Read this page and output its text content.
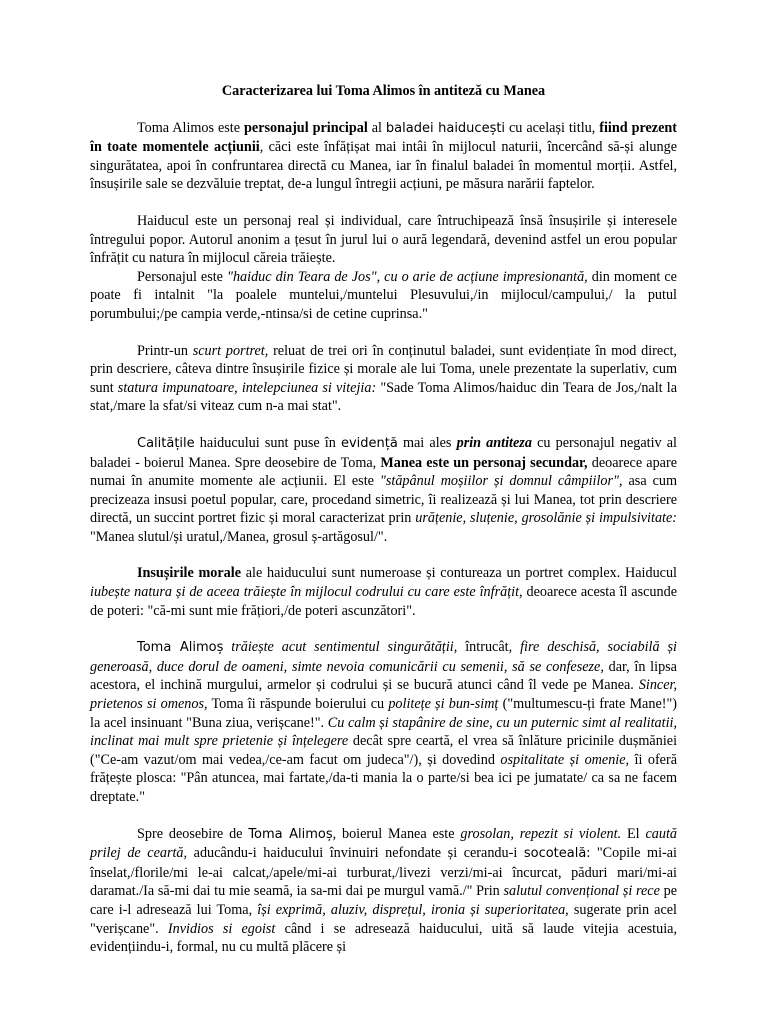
Caracterizarea lui Toma Alimos în antiteză cu Manea

Toma Alimos este personajul principal al baladei haiducești cu același titlu, fiind prezent în toate momentele acțiunii, căci este înfățișat mai intâi în mijlocul naturii, încercând să-și alunge singurătatea, apoi în confruntarea directă cu Manea, iar în finalul baladei în momentul morții. Astfel, însușirile sale se dezvăluie treptat, de-a lungul întregii acțiuni, pe măsura narării faptelor.

Haiducul este un personaj real și individual, care întruchipează însă însușirile și interesele întregului popor. Autorul anonim a țesut în jurul lui o aură legendară, devenind astfel un erou popular înfrățit cu natura în mijlocul căreia trăiește.

Personajul este "haiduc din Teara de Jos", cu o arie de acțiune impresionantă, din moment ce poate fi intalnit "la poalele muntelui,/muntelui Plesuvului,/in mijlocul/campului,/ la putul porumbului;/pe campia verde,-ntinsa/si de cetine cuprinsa."

Printr-un scurt portret, reluat de trei ori în conținutul baladei, sunt evidențiate în mod direct, prin descriere, câteva dintre însușirile fizice și morale ale lui Toma, unele prezentate la superlativ, cum sunt statura impunatoare, intelepciunea si vitejia: "Sade Toma Alimos/haiduc din Teara de Jos,/nalt la stat,/mare la sfat/si viteaz cum n-a mai stat".

Calitățile haiducului sunt puse în evidență mai ales prin antiteza cu personajul negativ al baladei - boierul Manea. Spre deosebire de Toma, Manea este un personaj secundar, deoarece apare numai în anumite momente ale acțiunii. El este "stăpânul moșiilor și domnul câmpiilor", asa cum precizeaza insusi poetul popular, care, procedand simetric, îi realizează și lui Manea, tot prin descriere directă, un succint portret fizic și moral caracterizat prin urățenie, sluțenie, grosolănie și impulsivitate: "Manea slutul/și uratul,/Manea, grosul ș-artăgosul/".

Insușirile morale ale haiducului sunt numeroase și contureaza un portret complex. Haiducul iubește natura și de aceea trăiește în mijlocul codrului cu care este înfrățit, deoarece acesta îl ascunde de poteri: "că-mi sunt mie frățiori,/de poteri ascunzători".

Toma Alimoș trăiește acut sentimentul singurătății, întrucât, fire deschisă, sociabilă și generoasă, duce dorul de oameni, simte nevoia comunicării cu semenii, să se confeseze, dar, în lipsa acestora, el inchină murgului, armelor și codrului și se bucură atunci când îl vede pe Manea. Sincer, prietenos si omenos, Toma îi răspunde boierului cu politețe și bun-simț ("multumescu-ți frate Mane!") la acel insinuant "Buna ziua, verișcane!". Cu calm și stapânire de sine, cu un puternic simt al realitatii, inclinat mai mult spre prietenie și înțelegere decât spre ceartă, el vrea să înlăture pricinile dușmăniei ("Ce-am vazut/om mai vedea,/ce-am facut om judeca"/), și dovedind ospitalitate și omenie, îi oferă frățește plosca: "Pân atuncea, mai fartate,/da-ti mania la o parte/si bea ici pe jumatate/ ca sa ne facem dreptate."

Spre deosebire de Toma Alimoș, boierul Manea este grosolan, repezit si violent. El caută prilej de ceartă, aducându-i haiducului învinuiri nefondate și cerandu-i socoteală: "Copile mi-ai înselat,/florile/mi le-ai calcat,/apele/mi-ai turburat,/livezi verzi/mi-ai încurcat, păduri mari/mi-ai daramat./Ia să-mi dai tu mie seamă, ia sa-mi dai pe murgul vamă./" Prin salutul convențional și rece pe care i-l adresează lui Toma, își exprimă, aluziv, disprețul, ironia și superioritatea, sugerate prin acel "verișcane". Invidios si egoist când i se adresează haiducului, uită să laude vitejia acestuia, evidențiindu-i, formal, nu cu multă plăcere și
